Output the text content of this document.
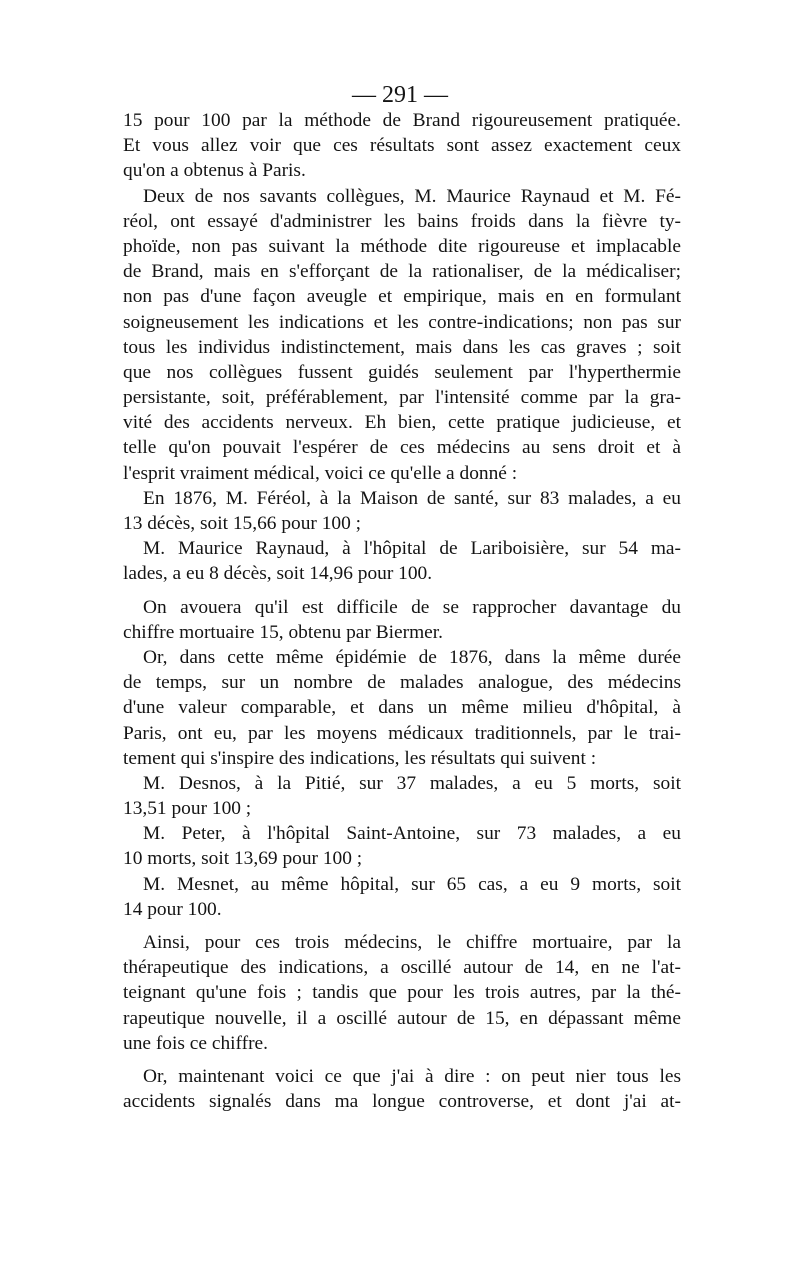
— 291 —
15 pour 100 par la méthode de Brand rigoureusement pratiquée.
Et vous allez voir que ces résultats sont assez exactement ceux
qu'on a obtenus à Paris.
Deux de nos savants collègues, M. Maurice Raynaud et M. Fé-
réol, ont essayé d'administrer les bains froids dans la fièvre ty-
phoïde, non pas suivant la méthode dite rigoureuse et implacable
de Brand, mais en s'efforçant de la rationaliser, de la médicaliser;
non pas d'une façon aveugle et empirique, mais en en formulant
soigneusement les indications et les contre-indications; non pas sur
tous les individus indistinctement, mais dans les cas graves ; soit
que nos collègues fussent guidés seulement par l'hyperthermie
persistante, soit, préférablement, par l'intensité comme par la gra-
vité des accidents nerveux. Eh bien, cette pratique judicieuse, et
telle qu'on pouvait l'espérer de ces médecins au sens droit et à
l'esprit vraiment médical, voici ce qu'elle a donné :
En 1876, M. Féréol, à la Maison de santé, sur 83 malades, a eu
13 décès, soit 15,66 pour 100 ;
M. Maurice Raynaud, à l'hôpital de Lariboisière, sur 54 ma-
lades, a eu 8 décès, soit 14,96 pour 100.
On avouera qu'il est difficile de se rapprocher davantage du
chiffre mortuaire 15, obtenu par Biermer.
Or, dans cette même épidémie de 1876, dans la même durée
de temps, sur un nombre de malades analogue, des médecins
d'une valeur comparable, et dans un même milieu d'hôpital, à
Paris, ont eu, par les moyens médicaux traditionnels, par le trai-
tement qui s'inspire des indications, les résultats qui suivent :
M. Desnos, à la Pitié, sur 37 malades, a eu 5 morts, soit
13,51 pour 100 ;
M. Peter, à l'hôpital Saint-Antoine, sur 73 malades, a eu
10 morts, soit 13,69 pour 100 ;
M. Mesnet, au même hôpital, sur 65 cas, a eu 9 morts, soit
14 pour 100.
Ainsi, pour ces trois médecins, le chiffre mortuaire, par la
thérapeutique des indications, a oscillé autour de 14, en ne l'at-
teignant qu'une fois ; tandis que pour les trois autres, par la thé-
rapeutique nouvelle, il a oscillé autour de 15, en dépassant même
une fois ce chiffre.
Or, maintenant voici ce que j'ai à dire : on peut nier tous les
accidents signalés dans ma longue controverse, et dont j'ai at-
